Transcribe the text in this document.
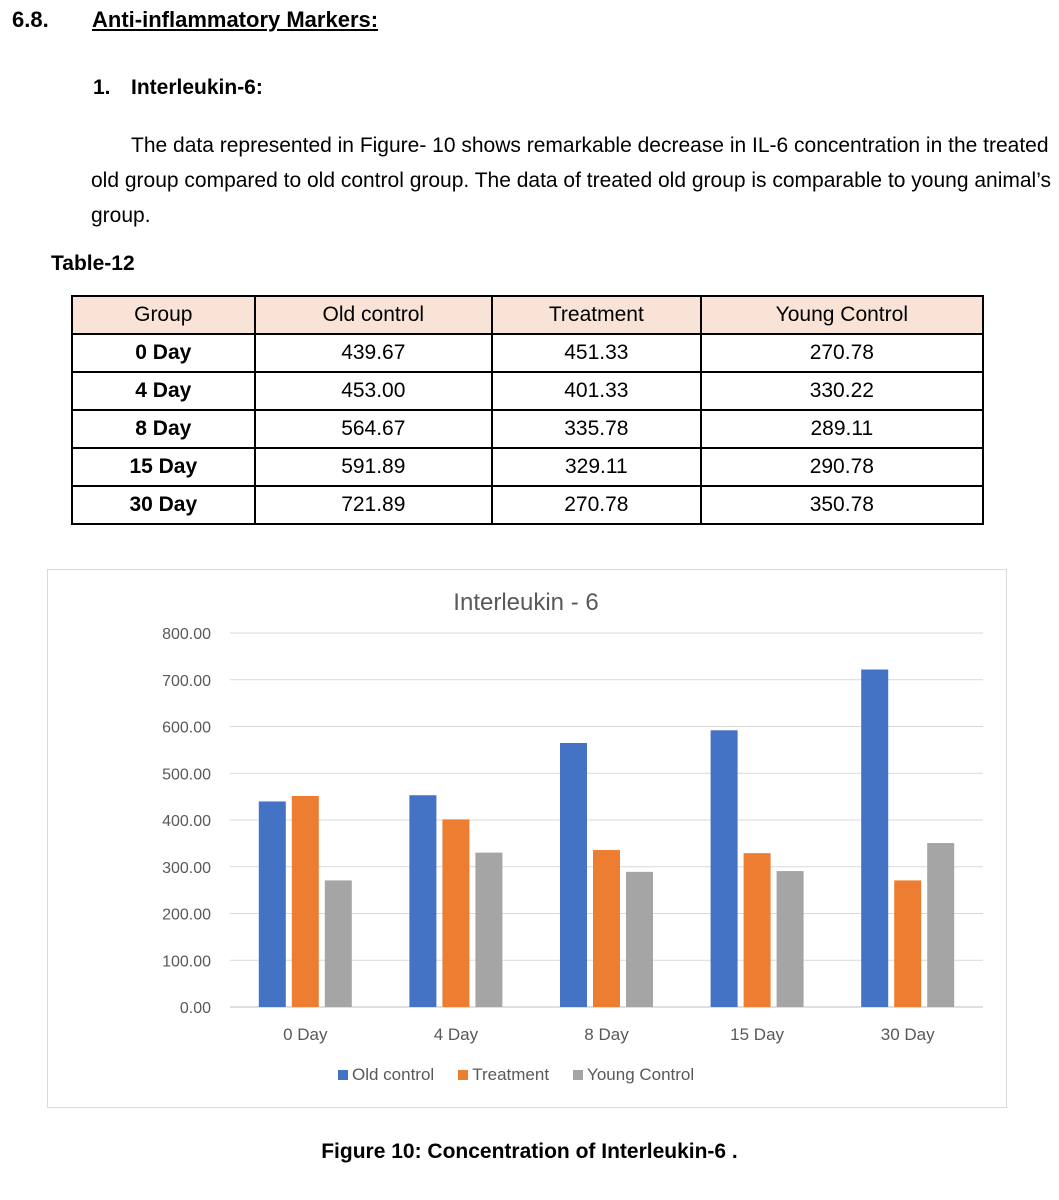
6.8. Anti-inflammatory Markers:
1. Interleukin-6:
The data represented in Figure- 10 shows remarkable decrease in IL-6 concentration in the treated old group compared to old control group. The data of treated old group is comparable to young animal’s group.
Table-12
Group	Old control	Treatment	Young Control
0 Day	439.67	451.33	270.78
4 Day	453.00	401.33	330.22
8 Day	564.67	335.78	289.11
15 Day	591.89	329.11	290.78
30 Day	721.89	270.78	350.78
Interleukin - 6
0.00
100.00
200.00
300.00
400.00
500.00
600.00
700.00
800.00
0 Day	4 Day	8 Day	15 Day	30 Day
Old control Treatment Young Control
Figure 10: Concentration of Interleukin-6 .
